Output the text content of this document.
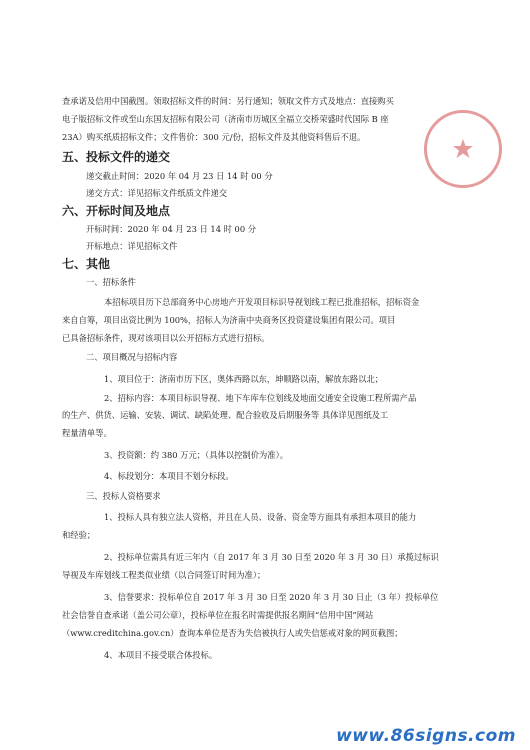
查承诺及信用中国截图。领取招标文件的时间：另行通知；领取文件方式及地点：直接购买
电子版招标文件或至山东国友招标有限公司（济南市历城区全福立交桥荣盛时代国际 B 座
23A）购买纸质招标文件；文件售价：300 元/份，招标文件及其他资料售后不退。
五、投标文件的递交
递交截止时间：2020 年 04 月 23 日 14 时 00 分
递交方式：详见招标文件纸质文件递交
六、开标时间及地点
开标时间：2020 年 04 月 23 日 14 时 00 分
开标地点：详见招标文件
七、其他
一、招标条件
本招标项目历下总部商务中心房地产开发项目标识导视划线工程已批准招标，招标资金
来自自筹，项目出资比例为 100%，招标人为济南中央商务区投资建设集团有限公司。项目
已具备招标条件，现对该项目以公开招标方式进行招标。
二、项目概况与招标内容
1、项目位于：济南市历下区，奥体西路以东，坤顺路以南，解放东路以北；
2、招标内容：本项目标识导视、地下车库车位划线及地面交通安全设施工程所需产品
的生产、供货、运输、安装、调试、缺陷处理、配合验收及后期服务等 具体详见图纸及工
程量清单等。
3、投资额：约 380 万元；（具体以控制价为准）。
4、标段划分：本项目不划分标段。
三、投标人资格要求
1、投标人具有独立法人资格，并且在人员、设备、资金等方面具有承担本项目的能力
和经验；
2、投标单位需具有近三年内（自 2017 年 3 月 30 日至 2020 年 3 月 30 日）承揽过标识
导视及车库划线工程类似业绩（以合同签订时间为准）；
3、信誉要求：投标单位自 2017 年 3 月 30 日至 2020 年 3 月 30 日止（3 年）投标单位
社会信誉自查承诺（盖公司公章），投标单位在报名时需提供报名期间“信用中国”网站
（www.creditchina.gov.cn）查询本单位是否为失信被执行人或失信惩戒对象的网页截图；
4、本项目不接受联合体投标。
www.86signs.com
